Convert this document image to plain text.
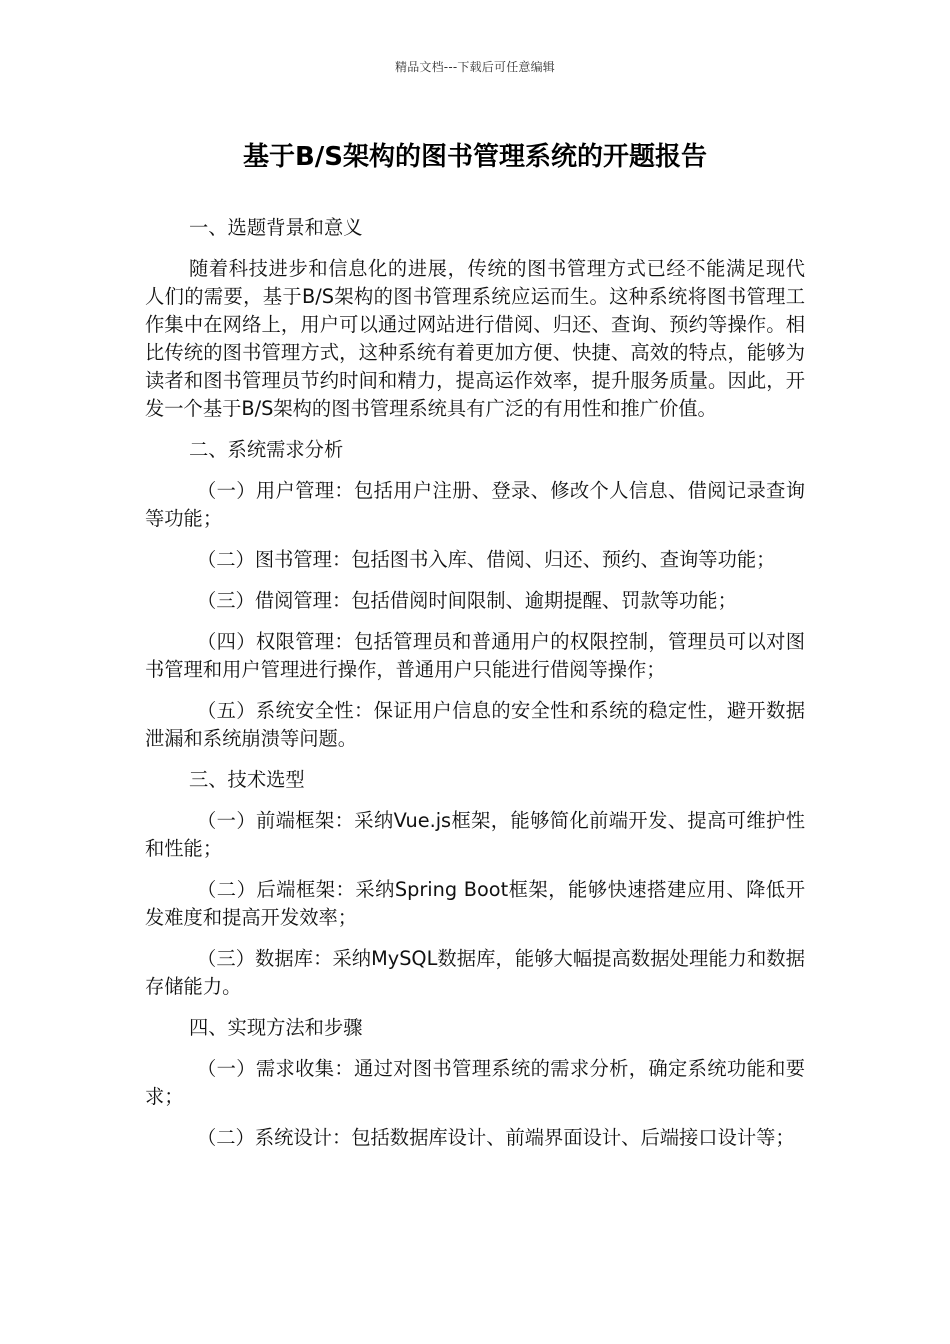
精品文档---下载后可任意编辑
基于B/S架构的图书管理系统的开题报告

一、选题背景和意义

随着科技进步和信息化的进展，传统的图书管理方式已经不能满足现代人们的需要，基于B/S架构的图书管理系统应运而生。这种系统将图书管理工作集中在网络上，用户可以通过网站进行借阅、归还、查询、预约等操作。相比传统的图书管理方式，这种系统有着更加方便、快捷、高效的特点，能够为读者和图书管理员节约时间和精力，提高运作效率，提升服务质量。因此，开发一个基于B/S架构的图书管理系统具有广泛的有用性和推广价值。

二、系统需求分析

（一）用户管理：包括用户注册、登录、修改个人信息、借阅记录查询等功能；

（二）图书管理：包括图书入库、借阅、归还、预约、查询等功能；

（三）借阅管理：包括借阅时间限制、逾期提醒、罚款等功能；

（四）权限管理：包括管理员和普通用户的权限控制，管理员可以对图书管理和用户管理进行操作，普通用户只能进行借阅等操作；

（五）系统安全性：保证用户信息的安全性和系统的稳定性，避开数据泄漏和系统崩溃等问题。

三、技术选型

（一）前端框架：采纳Vue.js框架，能够简化前端开发、提高可维护性和性能；

（二）后端框架：采纳Spring Boot框架，能够快速搭建应用、降低开发难度和提高开发效率；

（三）数据库：采纳MySQL数据库，能够大幅提高数据处理能力和数据存储能力。

四、实现方法和步骤

（一）需求收集：通过对图书管理系统的需求分析，确定系统功能和要求；

（二）系统设计：包括数据库设计、前端界面设计、后端接口设计等；
